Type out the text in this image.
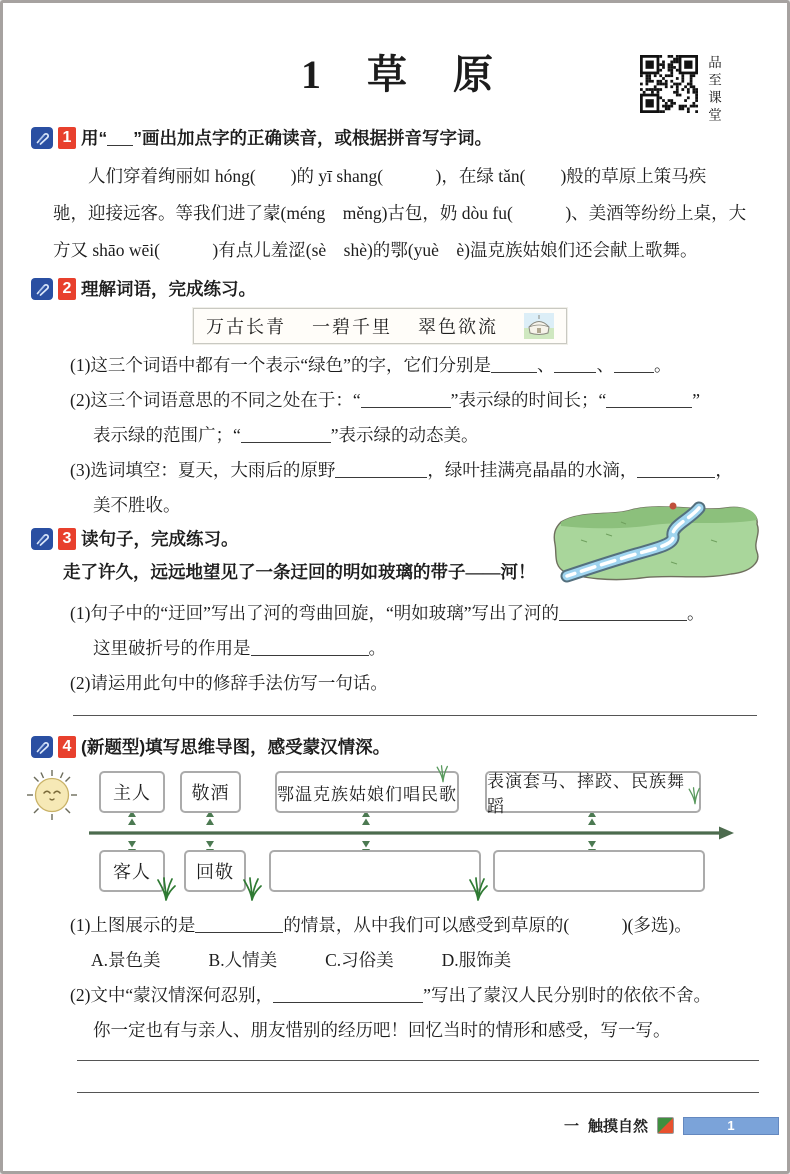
品至课堂
1 草 原
1 用“ ”画出加点字的正确读音，或根据拼音写字词。
　　人们穿着绚丽如 hóng(　　)的 yī shang(　　　)，在绿 tǎn(　　)般的草原上策马疾
驰，迎接远客。等我们进了蒙 •(méng　měng)古包，奶 dòu fu(　　　)、美酒等纷纷上桌，大
方又 shāo wēi(　　　)有点儿羞涩 •(sè　shè)的鄂 •(yuè　è)温克族姑娘们还会献上歌舞。
2 理解词语，完成练习。
万古长青 一碧千里 翠色欲流
(1)这三个词语中都有一个表示“绿色”的字，它们分别是	、 、 。
(2)这三个词语意思的不同之处在于：“	”表示绿的时间长；“	”
表示绿的范围广；“	”表示绿的动态美。
(3)选词填空：夏天，大雨后的原野	，绿叶挂满亮晶晶的水滴，	，
美不胜收。
3 读句子，完成练习。
走了许久，远远地望见了一条迂回的明如玻璃的带子——河！
(1)句子中的“迂回”写出了河的弯曲回旋，“明如玻璃”写出了河的	。
这里破折号的作用是	。
(2)请运用此句中的修辞手法仿写一句话。
4 (新题型)填写思维导图，感受蒙汉情深。
主人	敬酒	鄂温克族姑娘们唱民歌
表演套马、摔跤、民族舞蹈
客人	回敬
(1)上图展示的是	的情景，从中我们可以感受到草原的(　　　)(多选)。
A.景色美	B.人情美	C.习俗美	D.服饰美
(2)文中“蒙汉情深何忍别，	”写出了蒙汉人民分别时的依依不舍。
你一定也有与亲人、朋友惜别的经历吧！回忆当时的情形和感受，写一写。
一 触摸自然	1
